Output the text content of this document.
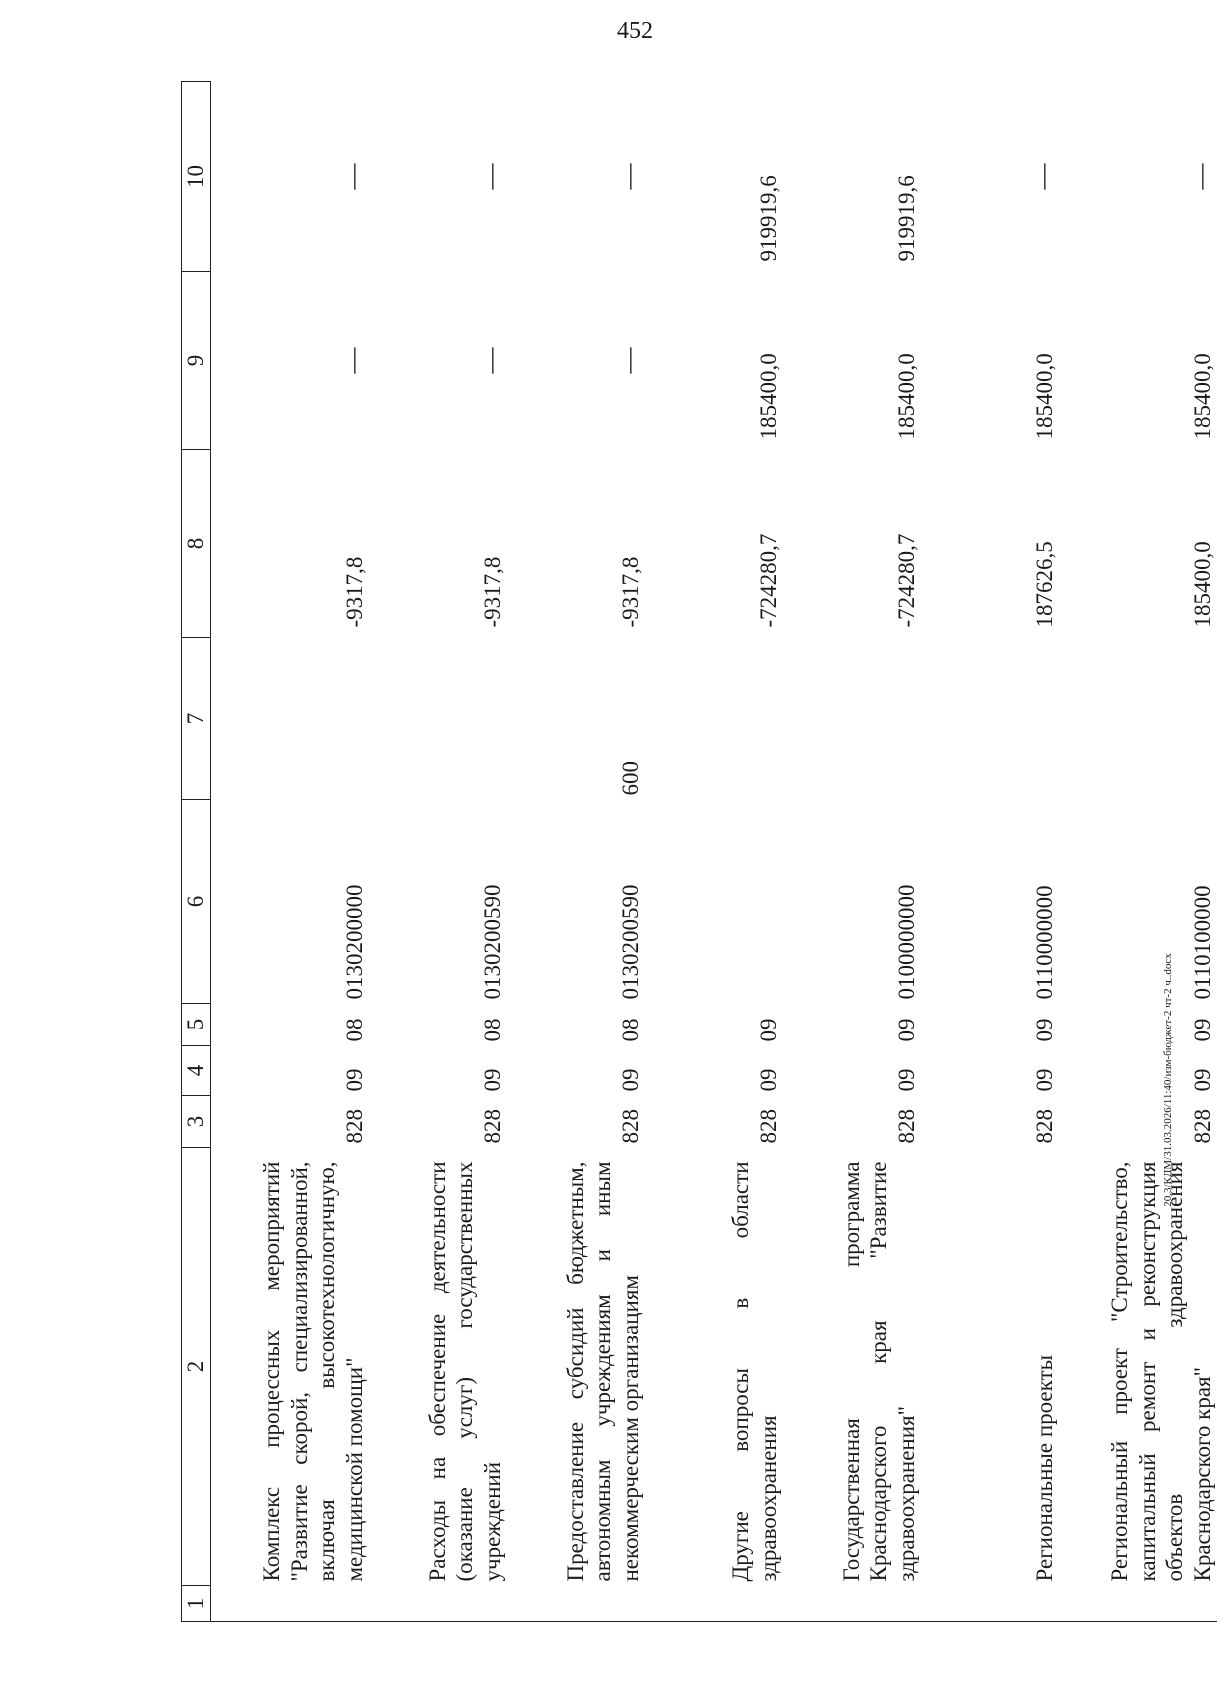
452
1	2	3	4	5	6	7	8	9	10
	Комплекс процессных мероприятий "Развитие скорой, специализированной, включая высокотехнологичную, медицинской помощи"	828	09	08	0130200000		-9317,8	—	—
	Расходы на обеспечение деятельности (оказание услуг) государственных учреждений	828	09	08	0130200590		-9317,8	—	—
	Предоставление субсидий бюджетным, автономным учреждениям и иным некоммерческим организациям	828	09	08	0130200590	600	-9317,8	—	—
	Другие вопросы в области здравоохранения	828	09	09			-724280,7	185400,0	919919,6
	Государственная программа Краснодарского края "Развитие здравоохранения"	828	09	09	0100000000		-724280,7	185400,0	919919,6
	Региональные проекты	828	09	09	0110000000		187626,5	185400,0	—
	Региональный проект "Строительство, капитальный ремонт и реконструкция объектов здравоохранения Краснодарского края"	828	09	09	0110100000		185400,0	185400,0	—
20.3/КДМ/31.03.2026/11:40/изм-бюджет-2 чт-2 ч..docx
